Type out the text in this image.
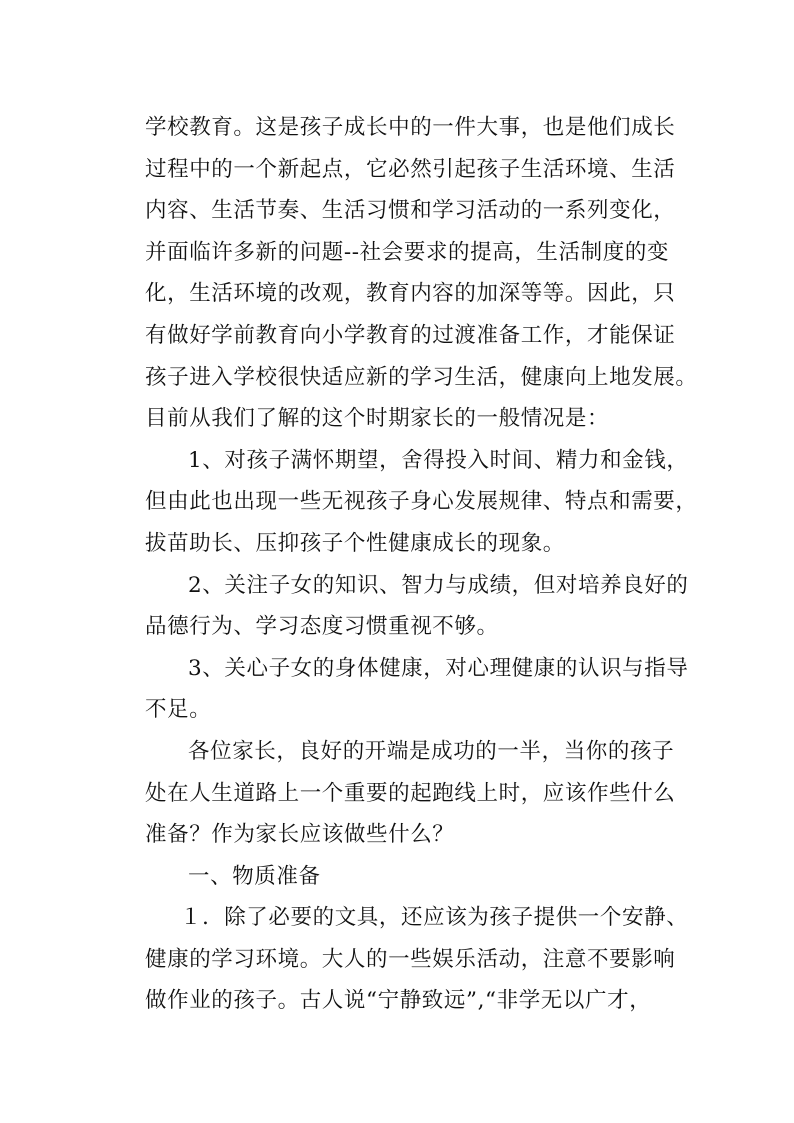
学校教育。这是孩子成长中的一件大事，也是他们成长
过程中的一个新起点，它必然引起孩子生活环境、生活
内容、生活节奏、生活习惯和学习活动的一系列变化，
并面临许多新的问题--社会要求的提高，生活制度的变
化，生活环境的改观，教育内容的加深等等。因此，只
有做好学前教育向小学教育的过渡准备工作，才能保证
孩子进入学校很快适应新的学习生活，健康向上地发展。
目前从我们了解的这个时期家长的一般情况是：
1、对孩子满怀期望，舍得投入时间、精力和金钱，
但由此也出现一些无视孩子身心发展规律、特点和需要，
拔苗助长、压抑孩子个性健康成长的现象。
2、关注子女的知识、智力与成绩，但对培养良好的
品德行为、学习态度习惯重视不够。
3、关心子女的身体健康，对心理健康的认识与指导
不足。
各位家长，良好的开端是成功的一半，当你的孩子
处在人生道路上一个重要的起跑线上时，应该作些什么
准备？作为家长应该做些什么？
一、物质准备
１．除了必要的文具，还应该为孩子提供一个安静、
健康的学习环境。大人的一些娱乐活动，注意不要影响
做作业的孩子。古人说“宁静致远”,“非学无以广才，
